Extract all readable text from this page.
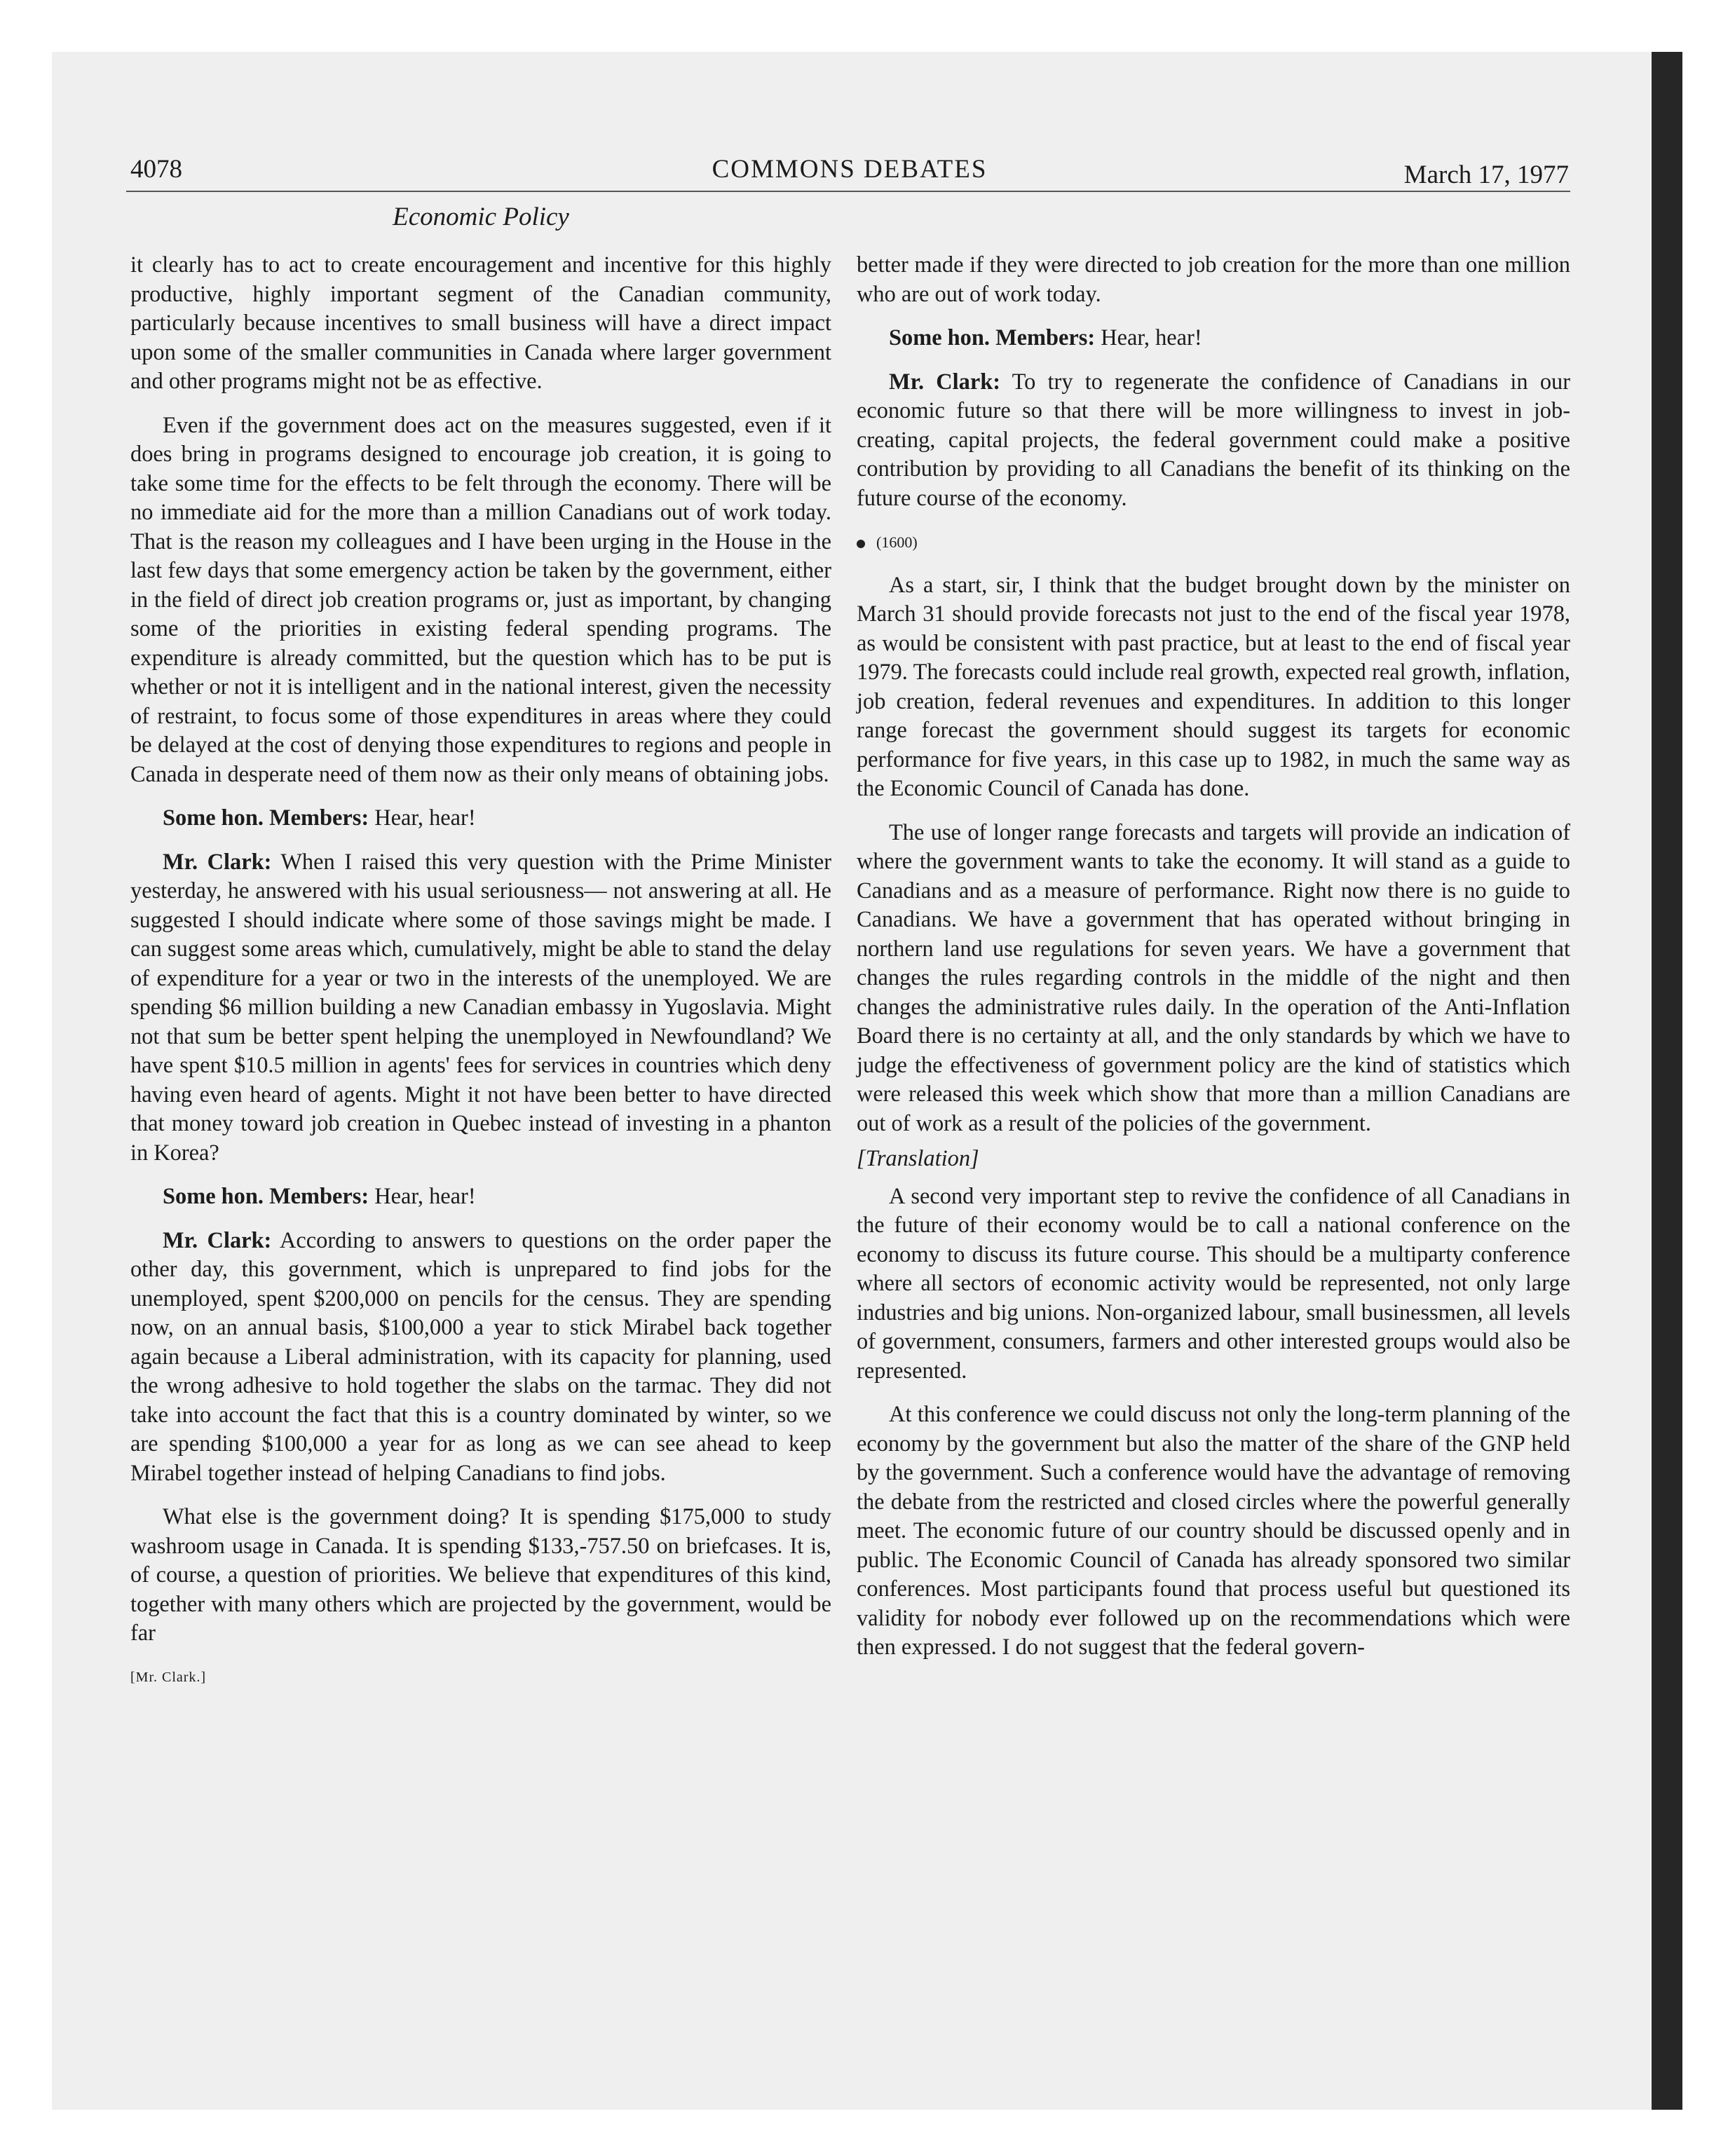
4078	COMMONS DEBATES	March 17, 1977
Economic Policy

it clearly has to act to create encouragement and incentive for this highly productive, highly important segment of the Canadian community, particularly because incentives to small business will have a direct impact upon some of the smaller communities in Canada where larger government and other programs might not be as effective.

Even if the government does act on the measures suggested, even if it does bring in programs designed to encourage job creation, it is going to take some time for the effects to be felt through the economy. There will be no immediate aid for the more than a million Canadians out of work today. That is the reason my colleagues and I have been urging in the House in the last few days that some emergency action be taken by the government, either in the field of direct job creation programs or, just as important, by changing some of the priorities in existing federal spending programs. The expenditure is already committed, but the question which has to be put is whether or not it is intelligent and in the national interest, given the necessity of restraint, to focus some of those expenditures in areas where they could be delayed at the cost of denying those expenditures to regions and people in Canada in desperate need of them now as their only means of obtaining jobs.

Some hon. Members: Hear, hear!

Mr. Clark: When I raised this very question with the Prime Minister yesterday, he answered with his usual seriousness— not answering at all. He suggested I should indicate where some of those savings might be made. I can suggest some areas which, cumulatively, might be able to stand the delay of expenditure for a year or two in the interests of the unemployed. We are spending $6 million building a new Canadian embassy in Yugoslavia. Might not that sum be better spent helping the unemployed in Newfoundland? We have spent $10.5 million in agents' fees for services in countries which deny having even heard of agents. Might it not have been better to have directed that money toward job creation in Quebec instead of investing in a phanton in Korea?

Some hon. Members: Hear, hear!

Mr. Clark: According to answers to questions on the order paper the other day, this government, which is unprepared to find jobs for the unemployed, spent $200,000 on pencils for the census. They are spending now, on an annual basis, $100,000 a year to stick Mirabel back together again because a Liberal administration, with its capacity for planning, used the wrong adhesive to hold together the slabs on the tarmac. They did not take into account the fact that this is a country dominated by winter, so we are spending $100,000 a year for as long as we can see ahead to keep Mirabel together instead of helping Canadians to find jobs.

What else is the government doing? It is spending $175,000 to study washroom usage in Canada. It is spending $133,-757.50 on briefcases. It is, of course, a question of priorities. We believe that expenditures of this kind, together with many others which are projected by the government, would be far

[Mr. Clark.]

better made if they were directed to job creation for the more than one million who are out of work today.

Some hon. Members: Hear, hear!

Mr. Clark: To try to regenerate the confidence of Canadians in our economic future so that there will be more willingness to invest in job-creating, capital projects, the federal government could make a positive contribution by providing to all Canadians the benefit of its thinking on the future course of the economy.

(1600)

As a start, sir, I think that the budget brought down by the minister on March 31 should provide forecasts not just to the end of the fiscal year 1978, as would be consistent with past practice, but at least to the end of fiscal year 1979. The forecasts could include real growth, expected real growth, inflation, job creation, federal revenues and expenditures. In addition to this longer range forecast the government should suggest its targets for economic performance for five years, in this case up to 1982, in much the same way as the Economic Council of Canada has done.

The use of longer range forecasts and targets will provide an indication of where the government wants to take the economy. It will stand as a guide to Canadians and as a measure of performance. Right now there is no guide to Canadians. We have a government that has operated without bringing in northern land use regulations for seven years. We have a government that changes the rules regarding controls in the middle of the night and then changes the administrative rules daily. In the operation of the Anti-Inflation Board there is no certainty at all, and the only standards by which we have to judge the effectiveness of government policy are the kind of statistics which were released this week which show that more than a million Canadians are out of work as a result of the policies of the government.

[Translation]

A second very important step to revive the confidence of all Canadians in the future of their economy would be to call a national conference on the economy to discuss its future course. This should be a multiparty conference where all sectors of economic activity would be represented, not only large industries and big unions. Non-organized labour, small businessmen, all levels of government, consumers, farmers and other interested groups would also be represented.

At this conference we could discuss not only the long-term planning of the economy by the government but also the matter of the share of the GNP held by the government. Such a conference would have the advantage of removing the debate from the restricted and closed circles where the powerful generally meet. The economic future of our country should be discussed openly and in public. The Economic Council of Canada has already sponsored two similar conferences. Most participants found that process useful but questioned its validity for nobody ever followed up on the recommendations which were then expressed. I do not suggest that the federal govern-
